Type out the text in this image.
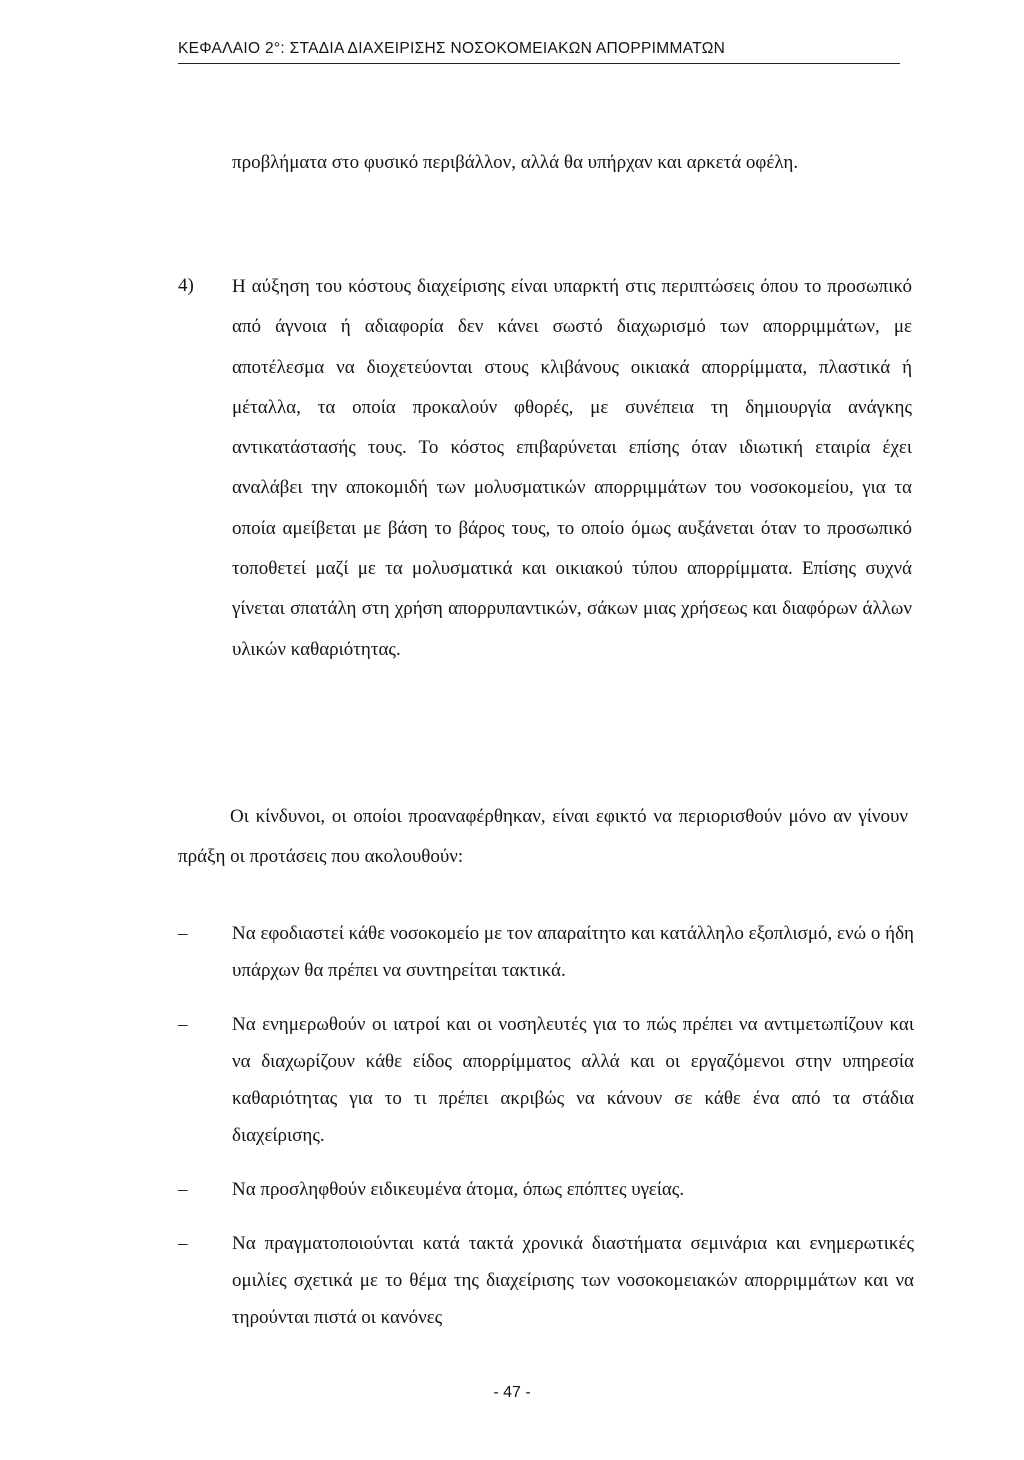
ΚΕΦΑΛΑΙΟ 2°: ΣΤΑΔΙΑ ΔΙΑΧΕΙΡΙΣΗΣ ΝΟΣΟΚΟΜΕΙΑΚΩΝ ΑΠΟΡΡΙΜΜΑΤΩΝ

προβλήματα στο φυσικό περιβάλλον, αλλά θα υπήρχαν και αρκετά οφέλη.

4) Η αύξηση του κόστους διαχείρισης είναι υπαρκτή στις περιπτώσεις όπου το προσωπικό από άγνοια ή αδιαφορία δεν κάνει σωστό διαχωρισμό των απορριμμάτων, με αποτέλεσμα να διοχετεύονται στους κλιβάνους οικιακά απορρίμματα, πλαστικά ή μέταλλα, τα οποία προκαλούν φθορές, με συνέπεια τη δημιουργία ανάγκης αντικατάστασής τους. Το κόστος επιβαρύνεται επίσης όταν ιδιωτική εταιρία έχει αναλάβει την αποκομιδή των μολυσματικών απορριμμάτων του νοσοκομείου, για τα οποία αμείβεται με βάση το βάρος τους, το οποίο όμως αυξάνεται όταν το προσωπικό τοποθετεί μαζί με τα μολυσματικά και οικιακού τύπου απορρίμματα. Επίσης συχνά γίνεται σπατάλη στη χρήση απορρυπαντικών, σάκων μιας χρήσεως και διαφόρων άλλων υλικών καθαριότητας.

Οι κίνδυνοι, οι οποίοι προαναφέρθηκαν, είναι εφικτό να περιορισθούν μόνο αν γίνουν πράξη οι προτάσεις που ακολουθούν:

– Να εφοδιαστεί κάθε νοσοκομείο με τον απαραίτητο και κατάλληλο εξοπλισμό, ενώ ο ήδη υπάρχων θα πρέπει να συντηρείται τακτικά.
– Να ενημερωθούν οι ιατροί και οι νοσηλευτές για το πώς πρέπει να αντιμετωπίζουν και να διαχωρίζουν κάθε είδος απορρίμματος αλλά και οι εργαζόμενοι στην υπηρεσία καθαριότητας για το τι πρέπει ακριβώς να κάνουν σε κάθε ένα από τα στάδια διαχείρισης.
– Να προσληφθούν ειδικευμένα άτομα, όπως επόπτες υγείας.
– Να πραγματοποιούνται κατά τακτά χρονικά διαστήματα σεμινάρια και ενημερωτικές ομιλίες σχετικά με το θέμα της διαχείρισης των νοσοκομειακών απορριμμάτων και να τηρούνται πιστά οι κανόνες
- 47 -
